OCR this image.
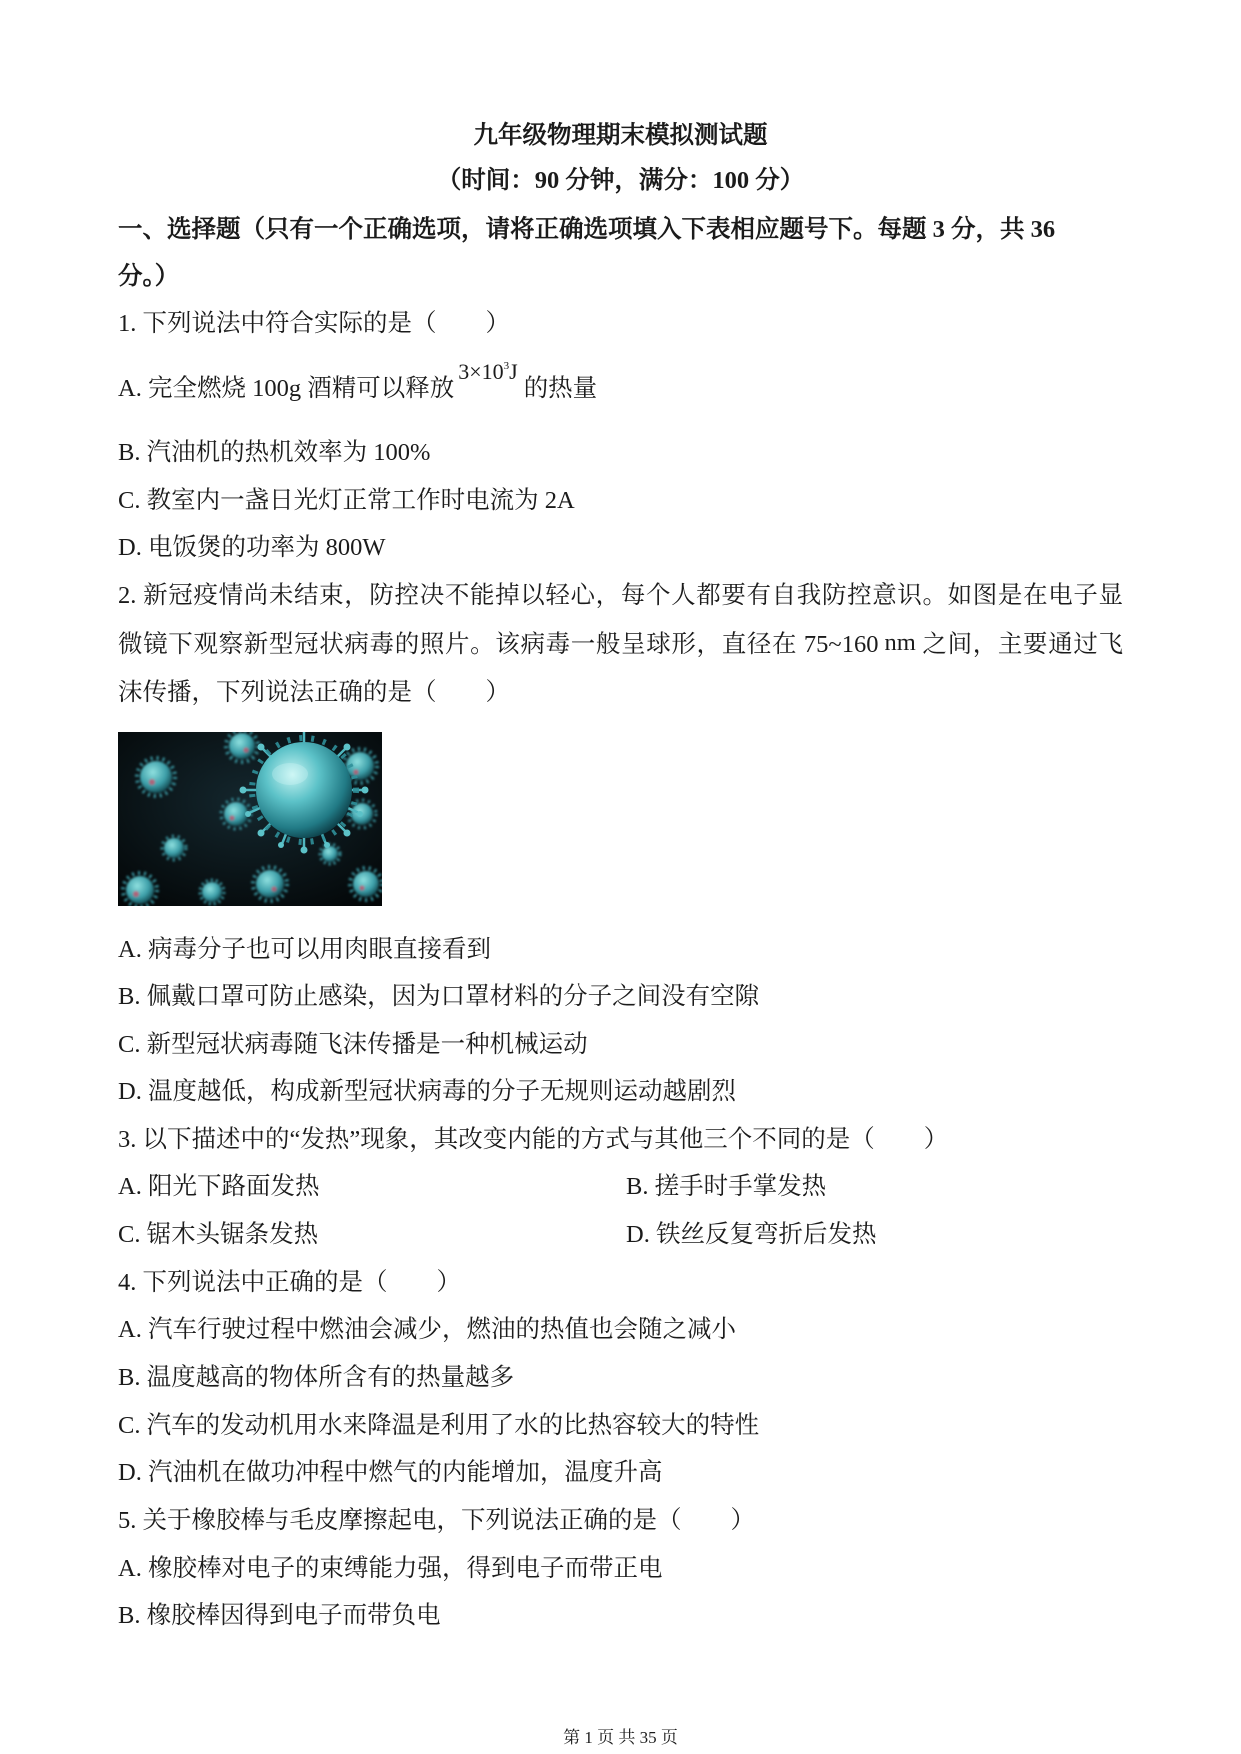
九年级物理期末模拟测试题
（时间：90 分钟，满分：100 分）
一、选择题（只有一个正确选项，请将正确选项填入下表相应题号下。每题 3 分，共 36
分。）
1. 下列说法中符合实际的是（　　）
A. 完全燃烧 100g 酒精可以释放$3\times 10^3J$的热量
B. 汽油机的热机效率为 100%
C. 教室内一盏日光灯正常工作时电流为 2A
D. 电饭煲的功率为 800W
2. 新冠疫情尚未结束，防控决不能掉以轻心，每个人都要有自我防控意识。如图是在电子显
微镜下观察新型冠状病毒的照片。该病毒一般呈球形，直径在 75~160 nm 之间，主要通过飞
沫传播，下列说法正确的是（　　）
A. 病毒分子也可以用肉眼直接看到
B. 佩戴口罩可防止感染，因为口罩材料的分子之间没有空隙
C. 新型冠状病毒随飞沫传播是一种机械运动
D. 温度越低，构成新型冠状病毒的分子无规则运动越剧烈
3. 以下描述中的“发热”现象，其改变内能的方式与其他三个不同的是（　　）
A. 阳光下路面发热	B. 搓手时手掌发热
C. 锯木头锯条发热	D. 铁丝反复弯折后发热
4. 下列说法中正确的是（　　）
A. 汽车行驶过程中燃油会减少，燃油的热值也会随之减小
B. 温度越高的物体所含有的热量越多
C. 汽车的发动机用水来降温是利用了水的比热容较大的特性
D. 汽油机在做功冲程中燃气的内能增加，温度升高
5. 关于橡胶棒与毛皮摩擦起电，下列说法正确的是（　　）
A. 橡胶棒对电子的束缚能力强，得到电子而带正电
B. 橡胶棒因得到电子而带负电
第 1 页 共 35 页
